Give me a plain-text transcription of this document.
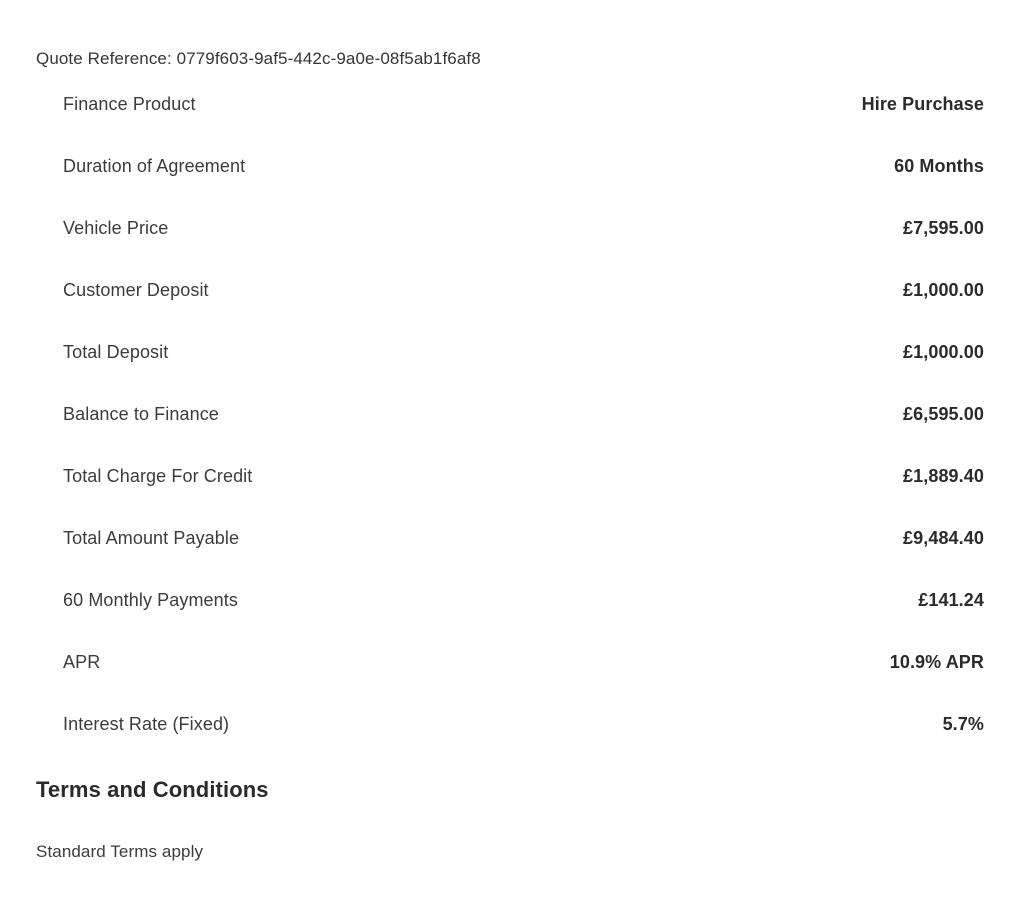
Quote Reference: 0779f603-9af5-442c-9a0e-08f5ab1f6af8
Finance Product	Hire Purchase
Duration of Agreement	60 Months
Vehicle Price	£7,595.00
Customer Deposit	£1,000.00
Total Deposit	£1,000.00
Balance to Finance	£6,595.00
Total Charge For Credit	£1,889.40
Total Amount Payable	£9,484.40
60 Monthly Payments	£141.24
APR	10.9% APR
Interest Rate (Fixed)	5.7%
Terms and Conditions
Standard Terms apply
